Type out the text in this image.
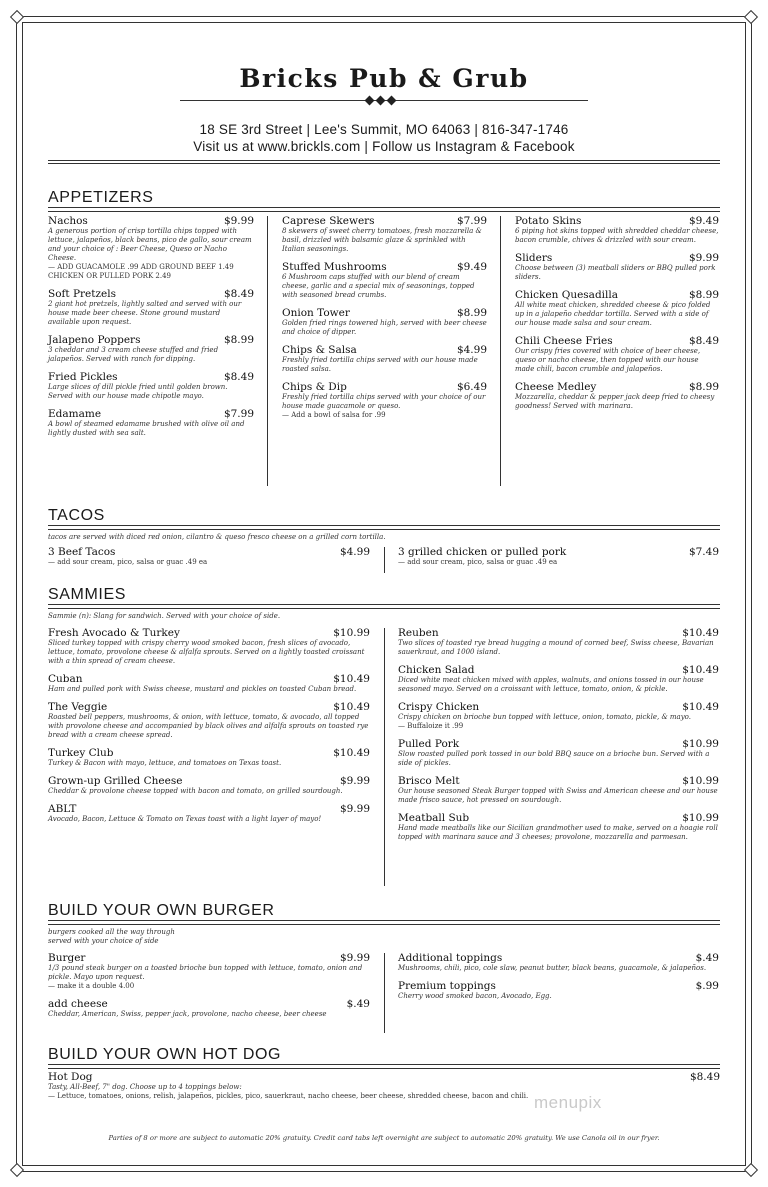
Bricks Pub & Grub
18 SE 3rd Street | Lee's Summit, MO 64063 | 816-347-1746
Visit us at www.brickls.com | Follow us Instagram & Facebook
APPETIZERS
Nachos	$9.99
A generous portion of crisp tortilla chips topped with lettuce, jalapeños, black beans, pico de gallo, sour cream and your choice of : Beer Cheese, Queso or Nacho Cheese.
— ADD GUACAMOLE .99 ADD GROUND BEEF 1.49 CHICKEN OR PULLED PORK 2.49
Soft Pretzels	$8.49
2 giant hot pretzels, lightly salted and served with our house made beer cheese. Stone ground mustard available upon request.
Jalapeno Poppers	$8.99
3 cheddar and 3 cream cheese stuffed and fried jalapeños. Served with ranch for dipping.
Fried Pickles	$8.49
Large slices of dill pickle fried until golden brown. Served with our house made chipotle mayo.
Edamame	$7.99
A bowl of steamed edamame brushed with olive oil and lightly dusted with sea salt.
Caprese Skewers	$7.99
8 skewers of sweet cherry tomatoes, fresh mozzarella & basil, drizzled with balsamic glaze & sprinkled with Italian seasonings.
Stuffed Mushrooms	$9.49
6 Mushroom caps stuffed with our blend of cream cheese, garlic and a special mix of seasonings, topped with seasoned bread crumbs.
Onion Tower	$8.99
Golden fried rings towered high, served with beer cheese and choice of dipper.
Chips & Salsa	$4.99
Freshly fried tortilla chips served with our house made roasted salsa.
Chips & Dip	$6.49
Freshly fried tortilla chips served with your choice of our house made guacamole or queso.
— Add a bowl of salsa for .99
Potato Skins	$9.49
6 piping hot skins topped with shredded cheddar cheese, bacon crumble, chives & drizzled with sour cream.
Sliders	$9.99
Choose between (3) meatball sliders or BBQ pulled pork sliders.
Chicken Quesadilla	$8.99
All white meat chicken, shredded cheese & pico folded up in a jalapeño cheddar tortilla. Served with a side of our house made salsa and sour cream.
Chili Cheese Fries	$8.49
Our crispy fries covered with choice of beer cheese, queso or nacho cheese, then topped with our house made chili, bacon crumble and jalapeños.
Cheese Medley	$8.99
Mozzarella, cheddar & pepper jack deep fried to cheesy goodness! Served with marinara.
TACOS
tacos are served with diced red onion, cilantro & queso fresco cheese on a grilled corn tortilla.
3 Beef Tacos	$4.99
— add sour cream, pico, salsa or guac .49 ea
3 grilled chicken or pulled pork	$7.49
— add sour cream, pico, salsa or guac .49 ea
SAMMIES
Sammie (n): Slang for sandwich. Served with your choice of side.
Fresh Avocado & Turkey	$10.99
Sliced turkey topped with crispy cherry wood smoked bacon, fresh slices of avocado, lettuce, tomato, provolone cheese & alfalfa sprouts. Served on a lightly toasted croissant with a thin spread of cream cheese.
Cuban	$10.49
Ham and pulled pork with Swiss cheese, mustard and pickles on toasted Cuban bread.
The Veggie	$10.49
Roasted bell peppers, mushrooms, & onion, with lettuce, tomato, & avocado, all topped with provolone cheese and accompanied by black olives and alfalfa sprouts on toasted rye bread with a cream cheese spread.
Turkey Club	$10.49
Turkey & Bacon with mayo, lettuce, and tomatoes on Texas toast.
Grown-up Grilled Cheese	$9.99
Cheddar & provolone cheese topped with bacon and tomato, on grilled sourdough.
ABLT	$9.99
Avocado, Bacon, Lettuce & Tomato on Texas toast with a light layer of mayo!
Reuben	$10.49
Two slices of toasted rye bread hugging a mound of corned beef, Swiss cheese, Bavarian sauerkraut, and 1000 island.
Chicken Salad	$10.49
Diced white meat chicken mixed with apples, walnuts, and onions tossed in our house seasoned mayo. Served on a croissant with lettuce, tomato, onion, & pickle.
Crispy Chicken	$10.49
Crispy chicken on brioche bun topped with lettuce, onion, tomato, pickle, & mayo.
— Buffaloize it .99
Pulled Pork	$10.99
Slow roasted pulled pork tossed in our bold BBQ sauce on a brioche bun. Served with a side of pickles.
Brisco Melt	$10.99
Our house seasoned Steak Burger topped with Swiss and American cheese and our house made frisco sauce, hot pressed on sourdough.
Meatball Sub	$10.99
Hand made meatballs like our Sicilian grandmother used to make, served on a hoagie roll topped with marinara sauce and 3 cheeses; provolone, mozzarella and parmesan.
BUILD YOUR OWN BURGER
burgers cooked all the way through
served with your choice of side
Burger	$9.99
1/3 pound steak burger on a toasted brioche bun topped with lettuce, tomato, onion and pickle. Mayo upon request.
— make it a double 4.00
add cheese	$.49
Cheddar, American, Swiss, pepper jack, provolone, nacho cheese, beer cheese
Additional toppings	$.49
Mushrooms, chili, pico, cole slaw, peanut butter, black beans, guacamole, & jalapeños.
Premium toppings	$.99
Cherry wood smoked bacon, Avocado, Egg.
BUILD YOUR OWN HOT DOG
Hot Dog	$8.49
Tasty, All-Beef, 7" dog. Choose up to 4 toppings below:
— Lettuce, tomatoes, onions, relish, jalapeños, pickles, pico, sauerkraut, nacho cheese, beer cheese, shredded cheese, bacon and chili. menupix
Parties of 8 or more are subject to automatic 20% gratuity. Credit card tabs left overnight are subject to automatic 20% gratuity. We use Canola oil in our fryer.
